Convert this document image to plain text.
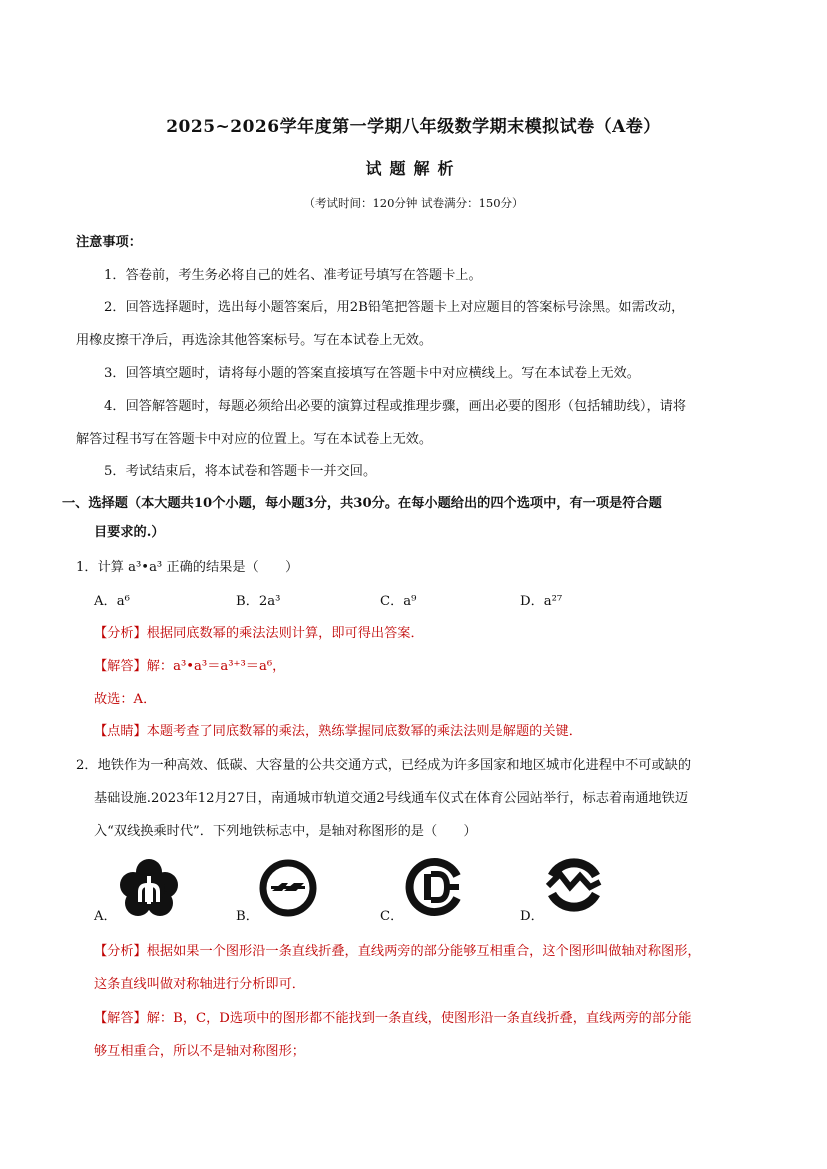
2025~2026学年度第一学期八年级数学期末模拟试卷（A卷）
试题解析
（考试时间：120分钟 试卷满分：150分）
注意事项：
1．答卷前，考生务必将自己的姓名、准考证号填写在答题卡上。
2．回答选择题时，选出每小题答案后，用2B铅笔把答题卡上对应题目的答案标号涂黑。如需改动，
用橡皮擦干净后，再选涂其他答案标号。写在本试卷上无效。
3．回答填空题时，请将每小题的答案直接填写在答题卡中对应横线上。写在本试卷上无效。
4．回答解答题时，每题必须给出必要的演算过程或推理步骤，画出必要的图形（包括辅助线），请将
解答过程书写在答题卡中对应的位置上。写在本试卷上无效。
5．考试结束后，将本试卷和答题卡一并交回。
一、选择题（本大题共10个小题，每小题3分，共30分。在每小题给出的四个选项中，有一项是符合题
目要求的.）
1．计算 a³•a³ 正确的结果是（　　）
A．a⁶	B．2a³	C．a⁹	D．a²⁷
【分析】根据同底数幂的乘法法则计算，即可得出答案．
【解答】解：a³•a³＝a³⁺³＝a⁶，
故选：A．
【点睛】本题考查了同底数幂的乘法，熟练掌握同底数幂的乘法法则是解题的关键．
2．地铁作为一种高效、低碳、大容量的公共交通方式，已经成为许多国家和地区城市化进程中不可或缺的
基础设施.2023年12月27日，南通城市轨道交通2号线通车仪式在体育公园站举行，标志着南通地铁迈
入“双线换乘时代”．下列地铁标志中，是轴对称图形的是（　　）
A．	B．	C．	D．
【分析】根据如果一个图形沿一条直线折叠，直线两旁的部分能够互相重合，这个图形叫做轴对称图形，
这条直线叫做对称轴进行分析即可．
【解答】解：B，C，D选项中的图形都不能找到一条直线，使图形沿一条直线折叠，直线两旁的部分能
够互相重合，所以不是轴对称图形；
